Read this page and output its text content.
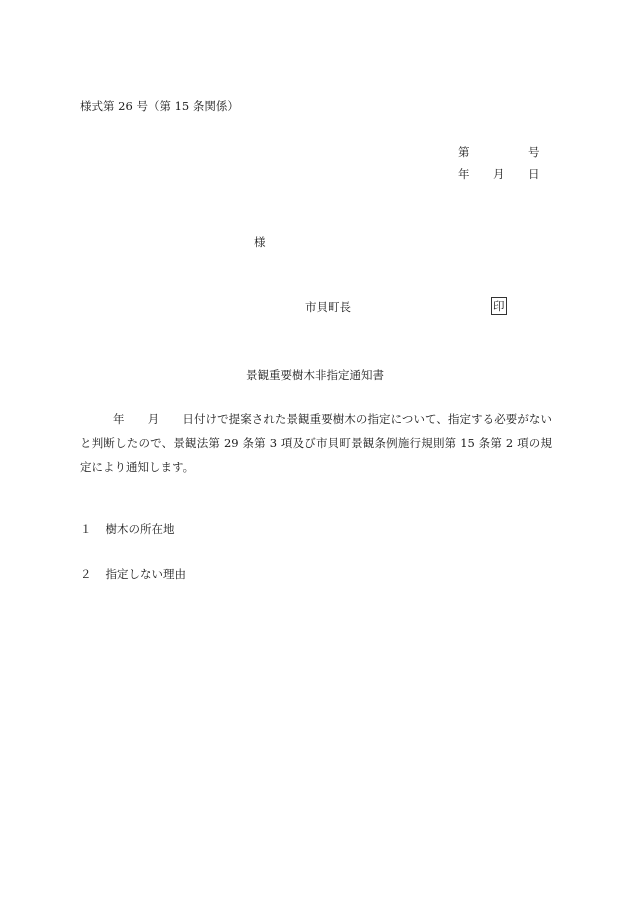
様式第 26 号（第 15 条関係）
第	号
年 月 日
様
市貝町長	印
景観重要樹木非指定通知書
年　　月　　日付けで提案された景観重要樹木の指定について、指定する必要がないと判断したので、景観法第 29 条第 3 項及び市貝町景観条例施行規則第 15 条第 2 項の規定により通知します。
１ 樹木の所在地
２ 指定しない理由
